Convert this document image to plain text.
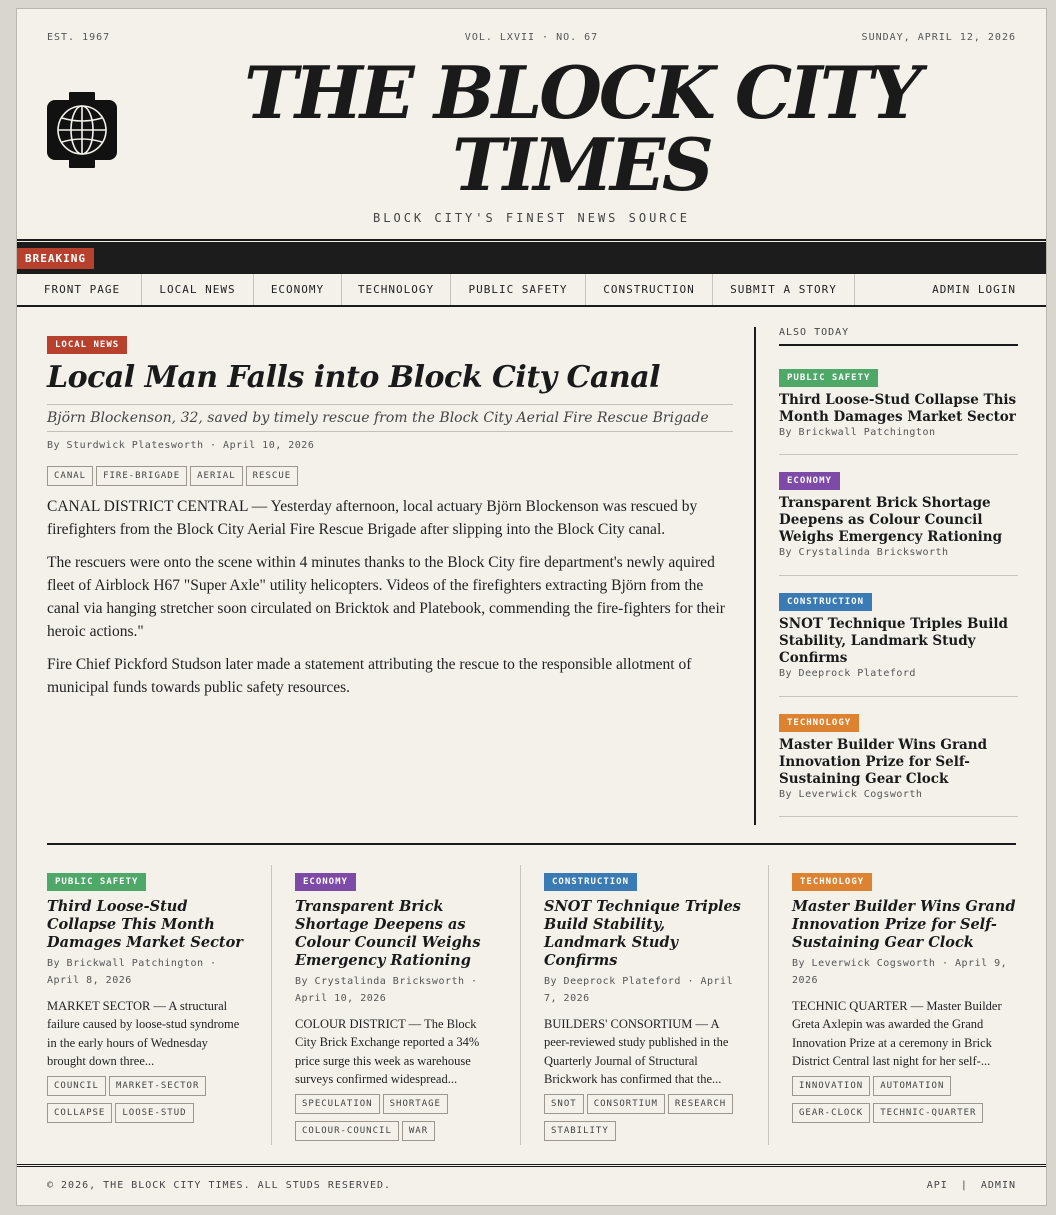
EST. 1967	VOL. LXVII · NO. 67	SUNDAY, APRIL 12, 2026
THE BLOCK CITY
TIMES
BLOCK CITY'S FINEST NEWS SOURCE
BREAKING
FRONT PAGE	LOCAL NEWS	ECONOMY	TECHNOLOGY	PUBLIC SAFETY	CONSTRUCTION	SUBMIT A STORY	ADMIN LOGIN
LOCAL NEWS
Local Man Falls into Block City Canal
Björn Blockenson, 32, saved by timely rescue from the Block City Aerial Fire Rescue Brigade
By Sturdwick Platesworth · April 10, 2026
CANAL FIRE-BRIGADE AERIAL RESCUE

CANAL DISTRICT CENTRAL — Yesterday afternoon, local actuary Björn Blockenson was rescued by firefighters from the Block City Aerial Fire Rescue Brigade after slipping into the Block City canal.

The rescuers were onto the scene within 4 minutes thanks to the Block City fire department's newly aquired fleet of Airblock H67 "Super Axle" utility helicopters. Videos of the firefighters extracting Björn from the canal via hanging stretcher soon circulated on Bricktok and Platebook, commending the fire-fighters for their heroic actions."

Fire Chief Pickford Studson later made a statement attributing the rescue to the responsible allotment of municipal funds towards public safety resources.

ALSO TODAY
PUBLIC SAFETY
Third Loose-Stud Collapse This Month Damages Market Sector
By Brickwall Patchington
ECONOMY
Transparent Brick Shortage Deepens as Colour Council Weighs Emergency Rationing
By Crystalinda Bricksworth
CONSTRUCTION
SNOT Technique Triples Build Stability, Landmark Study Confirms
By Deeprock Plateford
TECHNOLOGY
Master Builder Wins Grand Innovation Prize for Self-Sustaining Gear Clock
By Leverwick Cogsworth
PUBLIC SAFETY
Third Loose-Stud Collapse This Month Damages Market Sector
By Brickwall Patchington · April 8, 2026
MARKET SECTOR — A structural failure caused by loose-stud syndrome in the early hours of Wednesday brought down three...
COUNCIL MARKET-SECTORCOLLAPSE LOOSE-STUD
ECONOMY
Transparent Brick Shortage Deepens as Colour Council Weighs Emergency Rationing
By Crystalinda Bricksworth · April 10, 2026
COLOUR DISTRICT — The Block City Brick Exchange reported a 34% price surge this week as warehouse surveys confirmed widespread...
SPECULATION SHORTAGECOLOUR-COUNCIL WAR
CONSTRUCTION
SNOT Technique Triples Build Stability, Landmark Study Confirms
By Deeprock Plateford · April 7, 2026
BUILDERS' CONSORTIUM — A peer-reviewed study published in the Quarterly Journal of Structural Brickwork has confirmed that the...
SNOT CONSORTIUM RESEARCHSTABILITY
TECHNOLOGY
Master Builder Wins Grand Innovation Prize for Self-Sustaining Gear Clock
By Leverwick Cogsworth · April 9, 2026
TECHNIC QUARTER — Master Builder Greta Axlepin was awarded the Grand Innovation Prize at a ceremony in Brick District Central last night for her self-...
INNOVATION AUTOMATIONGEAR-CLOCK TECHNIC-QUARTER
© 2026, THE BLOCK CITY TIMES. ALL STUDS RESERVED.	API | ADMIN
